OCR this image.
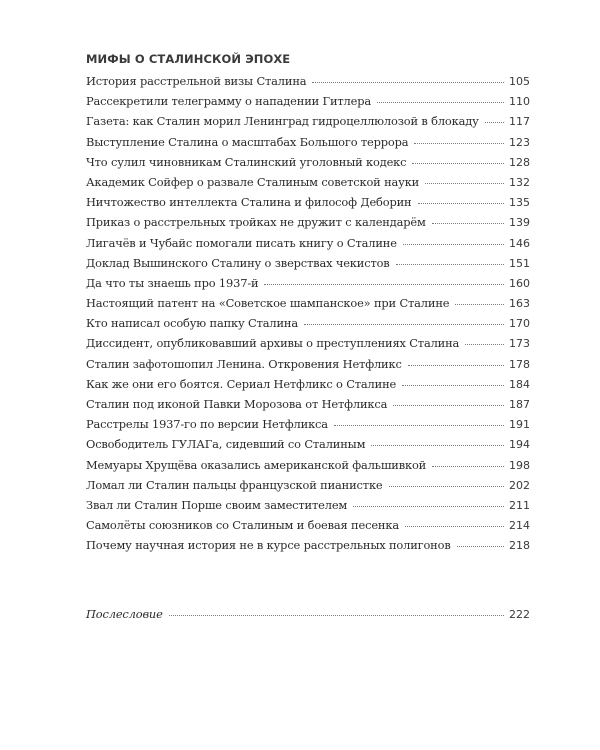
МИФЫ О СТАЛИНСКОЙ ЭПОХЕ
История расстрельной визы Сталина	105
Рассекретили телеграмму о нападении Гитлера	110
Газета: как Сталин морил Ленинград гидроцеллюлозой в блокаду	117
Выступление Сталина о масштабах Большого террора	123
Что сулил чиновникам Сталинский уголовный кодекс	128
Академик Сойфер о развале Сталиным советской науки	132
Ничтожество интеллекта Сталина и философ Деборин	135
Приказ о расстрельных тройках не дружит с календарём	139
Лигачёв и Чубайс помогали писать книгу о Сталине	146
Доклад Вышинского Сталину о зверствах чекистов	151
Да что ты знаешь про 1937-й	160
Настоящий патент на «Советское шампанское» при Сталине	163
Кто написал особую папку Сталина	170
Диссидент, опубликовавший архивы о преступлениях Сталина	173
Сталин зафотошопил Ленина. Откровения Нетфликс	178
Как же они его боятся. Сериал Нетфликс о Сталине	184
Сталин под иконой Павки Морозова от Нетфликса	187
Расстрелы 1937-го по версии Нетфликса	191
Освободитель ГУЛАГа, сидевший со Сталиным	194
Мемуары Хрущёва оказались американской фальшивкой	198
Ломал ли Сталин пальцы французской пианистке	202
Звал ли Сталин Порше своим заместителем	211
Самолёты союзников со Сталиным и боевая песенка	214
Почему научная история не в курсе расстрельных полигонов	218
Послесловие	222
